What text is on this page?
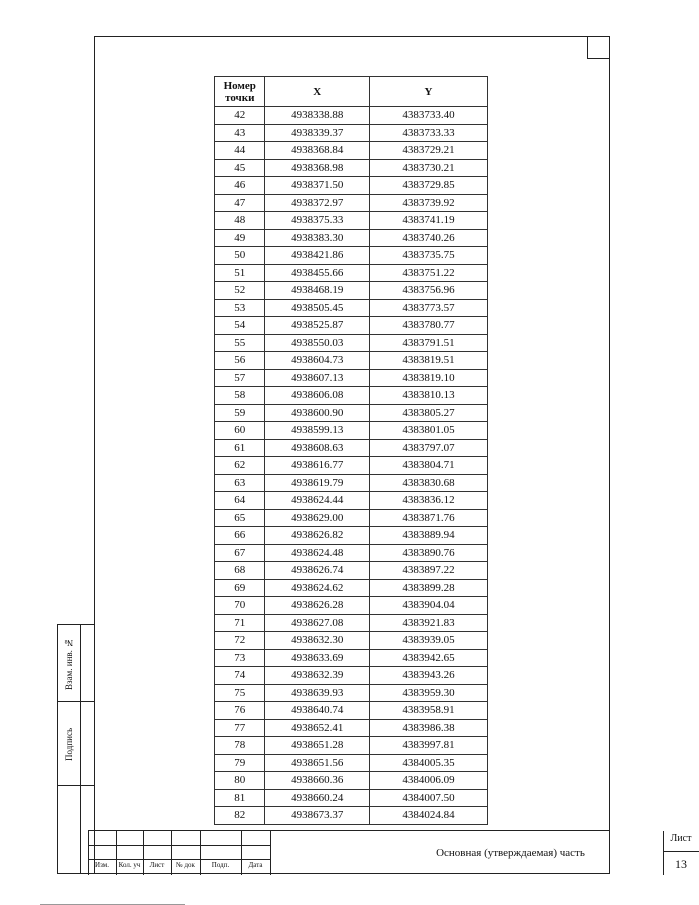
Взам. инв. №
Подпись
Номер точки	X	Y
42	4938338.88	4383733.40
43	4938339.37	4383733.33
44	4938368.84	4383729.21
45	4938368.98	4383730.21
46	4938371.50	4383729.85
47	4938372.97	4383739.92
48	4938375.33	4383741.19
49	4938383.30	4383740.26
50	4938421.86	4383735.75
51	4938455.66	4383751.22
52	4938468.19	4383756.96
53	4938505.45	4383773.57
54	4938525.87	4383780.77
55	4938550.03	4383791.51
56	4938604.73	4383819.51
57	4938607.13	4383819.10
58	4938606.08	4383810.13
59	4938600.90	4383805.27
60	4938599.13	4383801.05
61	4938608.63	4383797.07
62	4938616.77	4383804.71
63	4938619.79	4383830.68
64	4938624.44	4383836.12
65	4938629.00	4383871.76
66	4938626.82	4383889.94
67	4938624.48	4383890.76
68	4938626.74	4383897.22
69	4938624.62	4383899.28
70	4938626.28	4383904.04
71	4938627.08	4383921.83
72	4938632.30	4383939.05
73	4938633.69	4383942.65
74	4938632.39	4383943.26
75	4938639.93	4383959.30
76	4938640.74	4383958.91
77	4938652.41	4383986.38
78	4938651.28	4383997.81
79	4938651.56	4384005.35
80	4938660.36	4384006.09
81	4938660.24	4384007.50
82	4938673.37	4384024.84
Изм.	Кол. уч	Лист	№ док	Подп.	Дата
Основная (утверждаемая) часть
Лист
13
